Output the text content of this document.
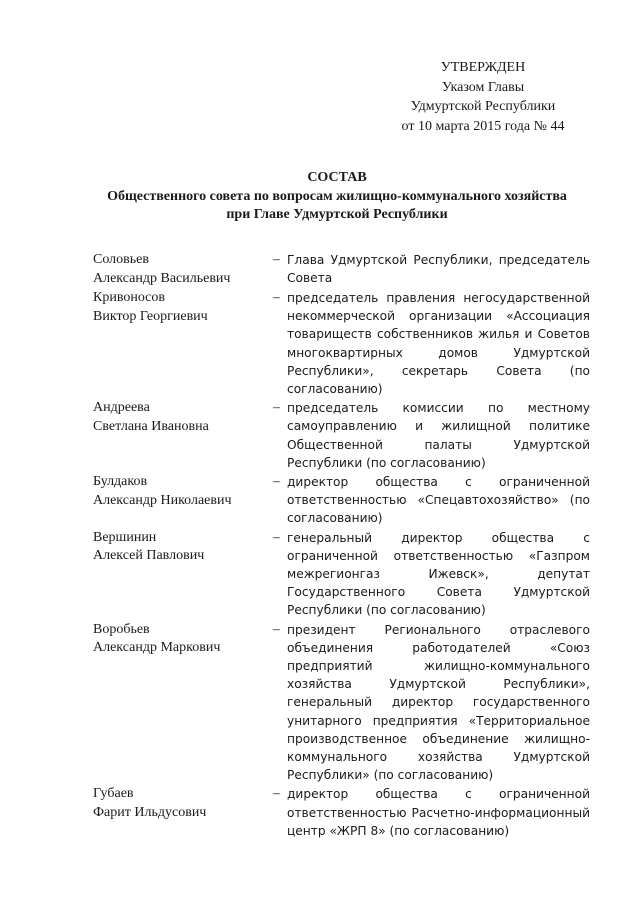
УТВЕРЖДЕН
Указом Главы
Удмуртской Республики
от 10 марта 2015 года № 44
СОСТАВ
Общественного совета по вопросам жилищно-коммунального хозяйства
при Главе Удмуртской Республики
Соловьев
Александр Васильевич
– Глава Удмуртской Республики, председатель Совета
Кривоносов
Виктор Георгиевич
– председатель правления негосударственной некоммерческой организации «Ассоциация товариществ собственников жилья и Советов многоквартирных домов Удмуртской Республики», секретарь Совета (по согласованию)
Андреева
Светлана Ивановна
– председатель комиссии по местному самоуправлению и жилищной политике Общественной палаты Удмуртской Республики (по согласованию)
Булдаков
Александр Николаевич
– директор общества с ограниченной ответственностью «Спецавтохозяйство» (по согласованию)
Вершинин
Алексей Павлович
– генеральный директор общества с ограниченной ответственностью «Газпром межрегионгаз Ижевск», депутат Государственного Совета Удмуртской Республики (по согласованию)
Воробьев
Александр Маркович
– президент Регионального отраслевого объединения работодателей «Союз предприятий жилищно-коммунального хозяйства Удмуртской Республики», генеральный директор государственного унитарного предприятия «Территориальное производственное объединение жилищно-коммунального хозяйства Удмуртской Республики» (по согласованию)
Губаев
Фарит Ильдусович
– директор общества с ограниченной ответственностью Расчетно-информационный центр «ЖРП 8» (по согласованию)
